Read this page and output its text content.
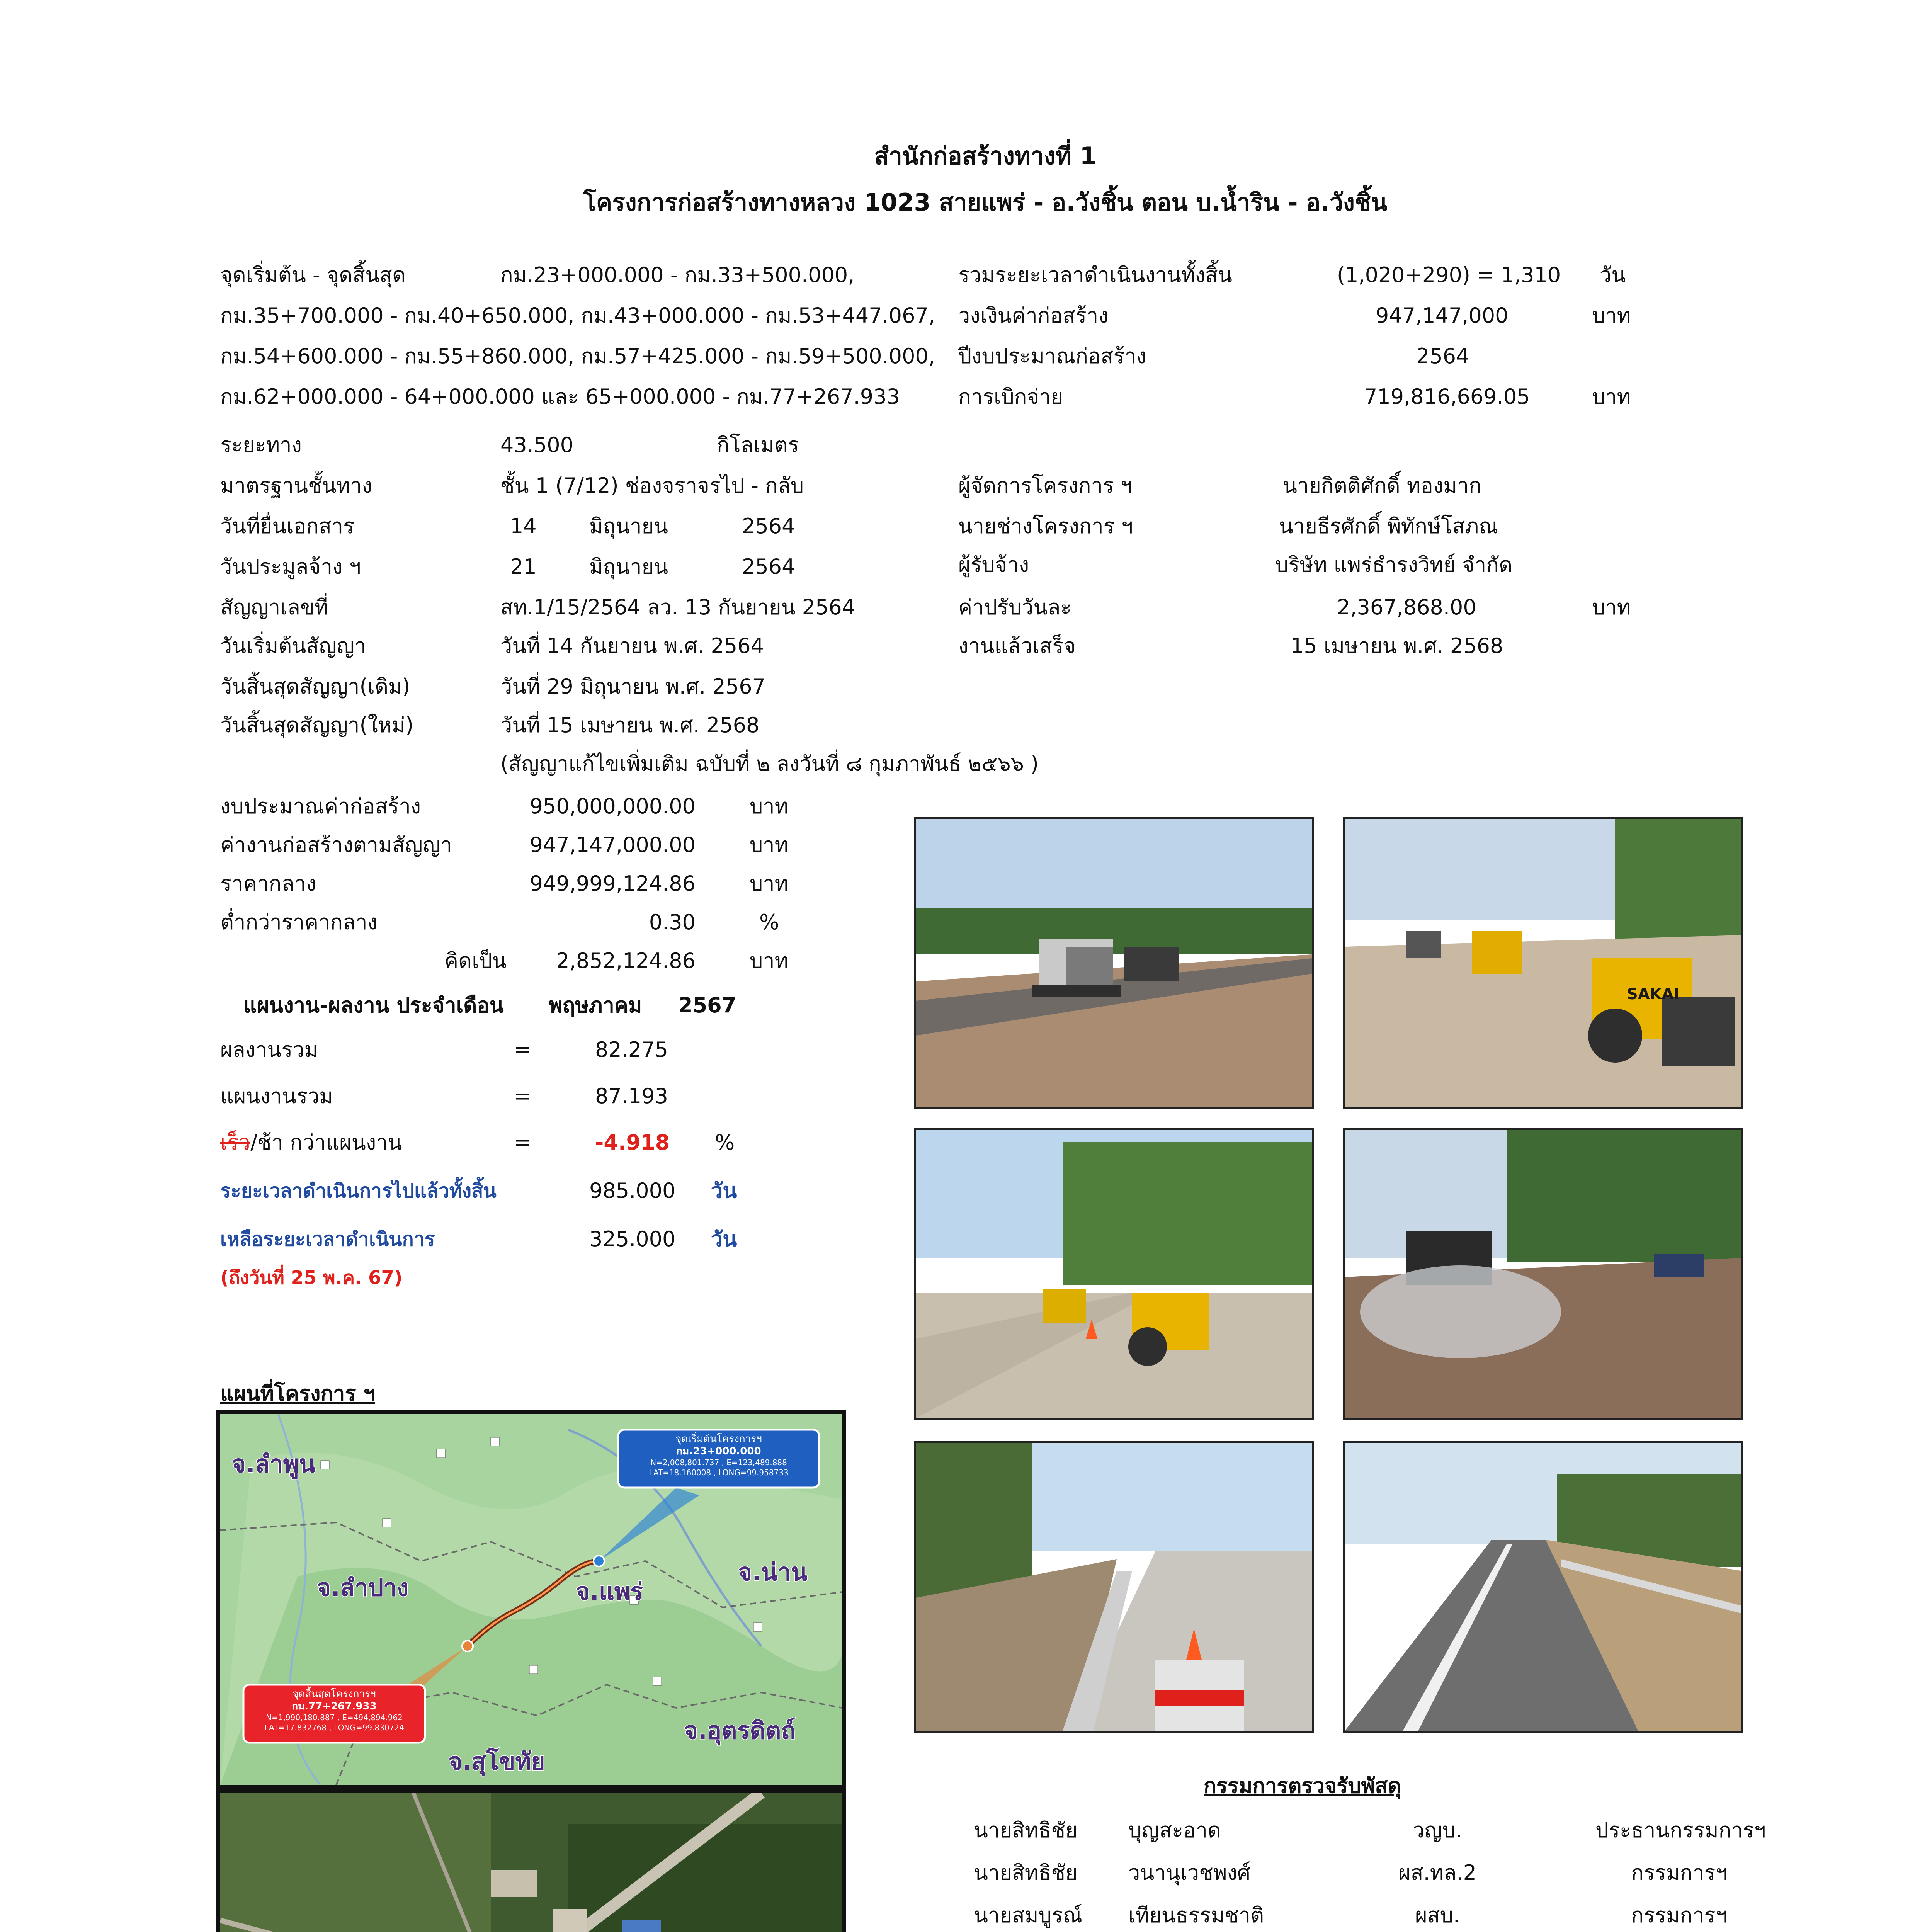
สำนักก่อสร้างทางที่ 1
โครงการก่อสร้างทางหลวง 1023 สายแพร่ - อ.วังชิ้น ตอน บ.น้ำริน - อ.วังชิ้น
จุดเริ่มต้น - จุดสิ้นสุด	กม.23+000.000 - กม.33+500.000,
กม.35+700.000 - กม.40+650.000, กม.43+000.000 - กม.53+447.067,
กม.54+600.000 - กม.55+860.000, กม.57+425.000 - กม.59+500.000,
กม.62+000.000 - 64+000.000 และ 65+000.000 - กม.77+267.933
ระยะทาง	43.500	กิโลเมตร
มาตรฐานชั้นทาง	ชั้น 1 (7/12) ช่องจราจรไป - กลับ
วันที่ยื่นเอกสาร	14	มิถุนายน	2564
วันประมูลจ้าง ฯ	21	มิถุนายน	2564
สัญญาเลขที่	สท.1/15/2564 ลว. 13 กันยายน 2564
วันเริ่มต้นสัญญา	วันที่ 14 กันยายน พ.ศ. 2564
วันสิ้นสุดสัญญา(เดิม)	วันที่ 29 มิถุนายน พ.ศ. 2567
วันสิ้นสุดสัญญา(ใหม่)	วันที่ 15 เมษายน พ.ศ. 2568
(สัญญาแก้ไขเพิ่มเติม ฉบับที่ ๒ ลงวันที่ ๘ กุมภาพันธ์ ๒๕๖๖ )
รวมระยะเวลาดำเนินงานทั้งสิ้น	(1,020+290) = 1,310 วัน
วงเงินค่าก่อสร้าง	947,147,000	บาท
ปีงบประมาณก่อสร้าง	2564
การเบิกจ่าย	719,816,669.05	บาท
ผู้จัดการโครงการ ฯ	นายกิตติศักดิ์ ทองมาก
นายช่างโครงการ ฯ	นายธีรศักดิ์ พิทักษ์โสภณ
ผู้รับจ้าง	บริษัท แพร่ธำรงวิทย์ จำกัด
ค่าปรับวันละ	2,367,868.00	บาท
งานแล้วเสร็จ	15 เมษายน พ.ศ. 2568
งบประมาณค่าก่อสร้าง	950,000,000.00	บาท
ค่างานก่อสร้างตามสัญญา	947,147,000.00	บาท
ราคากลาง	949,999,124.86	บาท
ต่ำกว่าราคากลาง	0.30	%
คิดเป็น	2,852,124.86	บาท
แผนงาน-ผลงาน ประจำเดือน พฤษภาคม 2567
ผลงานรวม	=	82.275
แผนงานรวม	=	87.193
เร็ว/ช้า กว่าแผนงาน	=	-4.918 %
ระยะเวลาดำเนินการไปแล้วทั้งสิ้น	985.000 วัน
เหลือระยะเวลาดำเนินการ	325.000 วัน
(ถึงวันที่ 25 พ.ค. 67)
แผนที่โครงการ ฯ
จ.ลำพูน
จ.ลำปาง	จ.แพร่
จ.น่าน
จ.อุตรดิตถ์
จ.สุโขทัย
จุดเริ่มต้นโครงการฯ
กม.23+000.000
N=2,008,801.737 , E=123,489.888
LAT=18.160008 , LONG=99.958733
จุดสิ้นสุดโครงการฯ
กม.77+267.933
N=1,990,180.887 , E=494,894.962
LAT=17.832768 , LONG=99.830724

SAKAI
กรรมการตรวจรับพัสดุ
นายสิทธิชัย บุญสะอาด	วญบ.	ประธานกรรมการฯ
นายสิทธิชัย วนานุเวชพงศ์	ผส.ทล.2	กรรมการฯ
นายสมบูรณ์ เทียนธรรมชาติ	ผสบ.	กรรมการฯ
